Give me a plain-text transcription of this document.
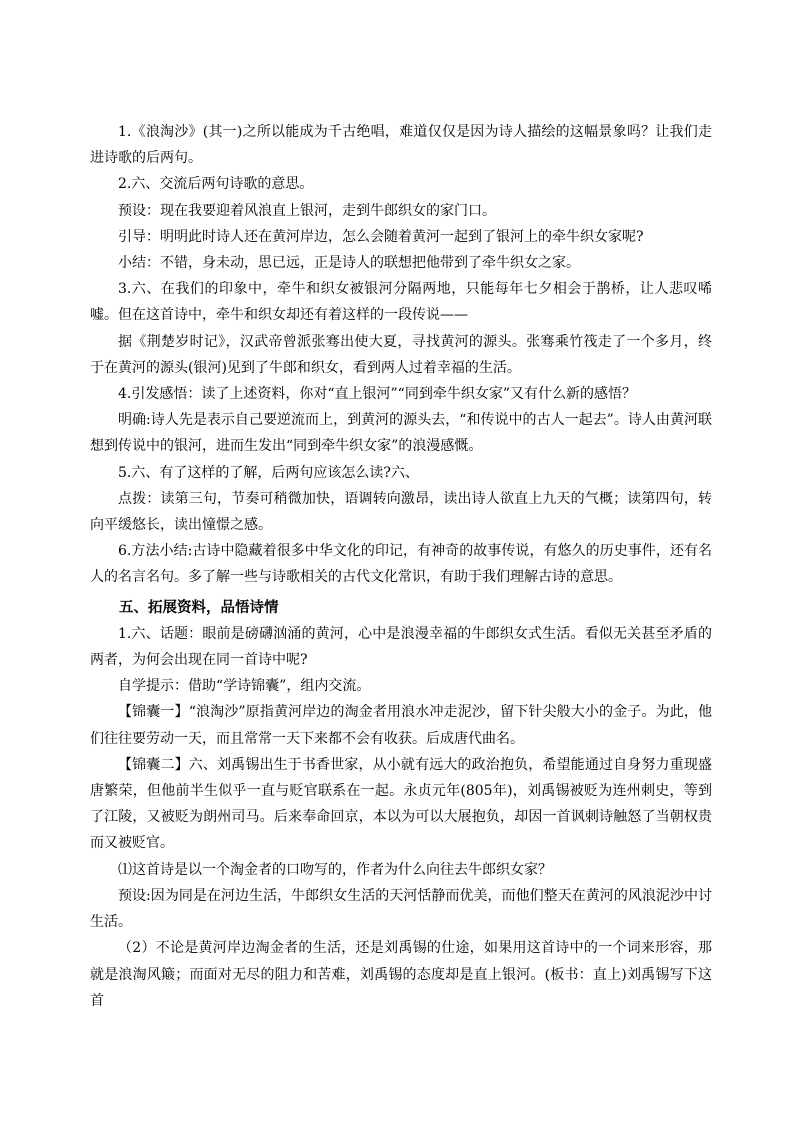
1.《浪淘沙》(其一)之所以能成为千古绝唱，难道仅仅是因为诗人描绘的这幅景象吗？让我们走进诗歌的后两句。

2.六、交流后两句诗歌的意思。

预设：现在我要迎着风浪直上银河，走到牛郎织女的家门口。

引导：明明此时诗人还在黄河岸边，怎么会随着黄河一起到了银河上的牵牛织女家呢?

小结：不错，身未动，思已远，正是诗人的联想把他带到了牵牛织女之家。

3.六、在我们的印象中，牵牛和织女被银河分隔两地，只能每年七夕相会于鹊桥，让人悲叹唏嘘。但在这首诗中，牵牛和织女却还有着这样的一段传说——

据《荆楚岁时记》，汉武帝曾派张骞出使大夏，寻找黄河的源头。张骞乘竹筏走了一个多月，终于在黄河的源头(银河)见到了牛郎和织女，看到两人过着幸福的生活。

4.引发感悟：读了上述资料，你对“直上银河”“同到牵牛织女家”又有什么新的感悟？

明确:诗人先是表示自己要逆流而上，到黄河的源头去，“和传说中的古人一起去”。诗人由黄河联想到传说中的银河，进而生发出“同到牵牛织女家”的浪漫感慨。

5.六、有了这样的了解，后两句应该怎么读?六、

点拨：读第三句，节奏可稍微加快，语调转向激昂，读出诗人欲直上九天的气概；读第四句，转向平缓悠长，读出憧憬之感。

6.方法小结:古诗中隐藏着很多中华文化的印记，有神奇的故事传说，有悠久的历史事件，还有名人的名言名句。多了解一些与诗歌相关的古代文化常识，有助于我们理解古诗的意思。

五、拓展资料，品悟诗情

1.六、话题：眼前是磅礴汹涌的黄河，心中是浪漫幸福的牛郎织女式生活。看似无关甚至矛盾的两者，为何会出现在同一首诗中呢?

自学提示：借助“学诗锦囊”，组内交流。

【锦囊一】“浪淘沙”原指黄河岸边的淘金者用浪水冲走泥沙，留下针尖般大小的金子。为此，他们往往要劳动一天，而且常常一天下来都不会有收获。后成唐代曲名。

【锦囊二】六、刘禹锡出生于书香世家，从小就有远大的政治抱负，希望能通过自身努力重现盛唐繁荣，但他前半生似乎一直与贬官联系在一起。永贞元年(805年)，刘禹锡被贬为连州刺史，等到了江陵，又被贬为朗州司马。后来奉命回京，本以为可以大展抱负，却因一首讽刺诗触怒了当朝权贵而又被贬官。

⑴这首诗是以一个淘金者的口吻写的，作者为什么向往去牛郎织女家？

预设:因为同是在河边生活，牛郎织女生活的天河恬静而优美，而他们整天在黄河的风浪泥沙中讨生活。

（2）不论是黄河岸边淘金者的生活，还是刘禹锡的仕途，如果用这首诗中的一个词来形容，那就是浪淘风簸；而面对无尽的阻力和苦难，刘禹锡的态度却是直上银河。(板书：直上)刘禹锡写下这首
